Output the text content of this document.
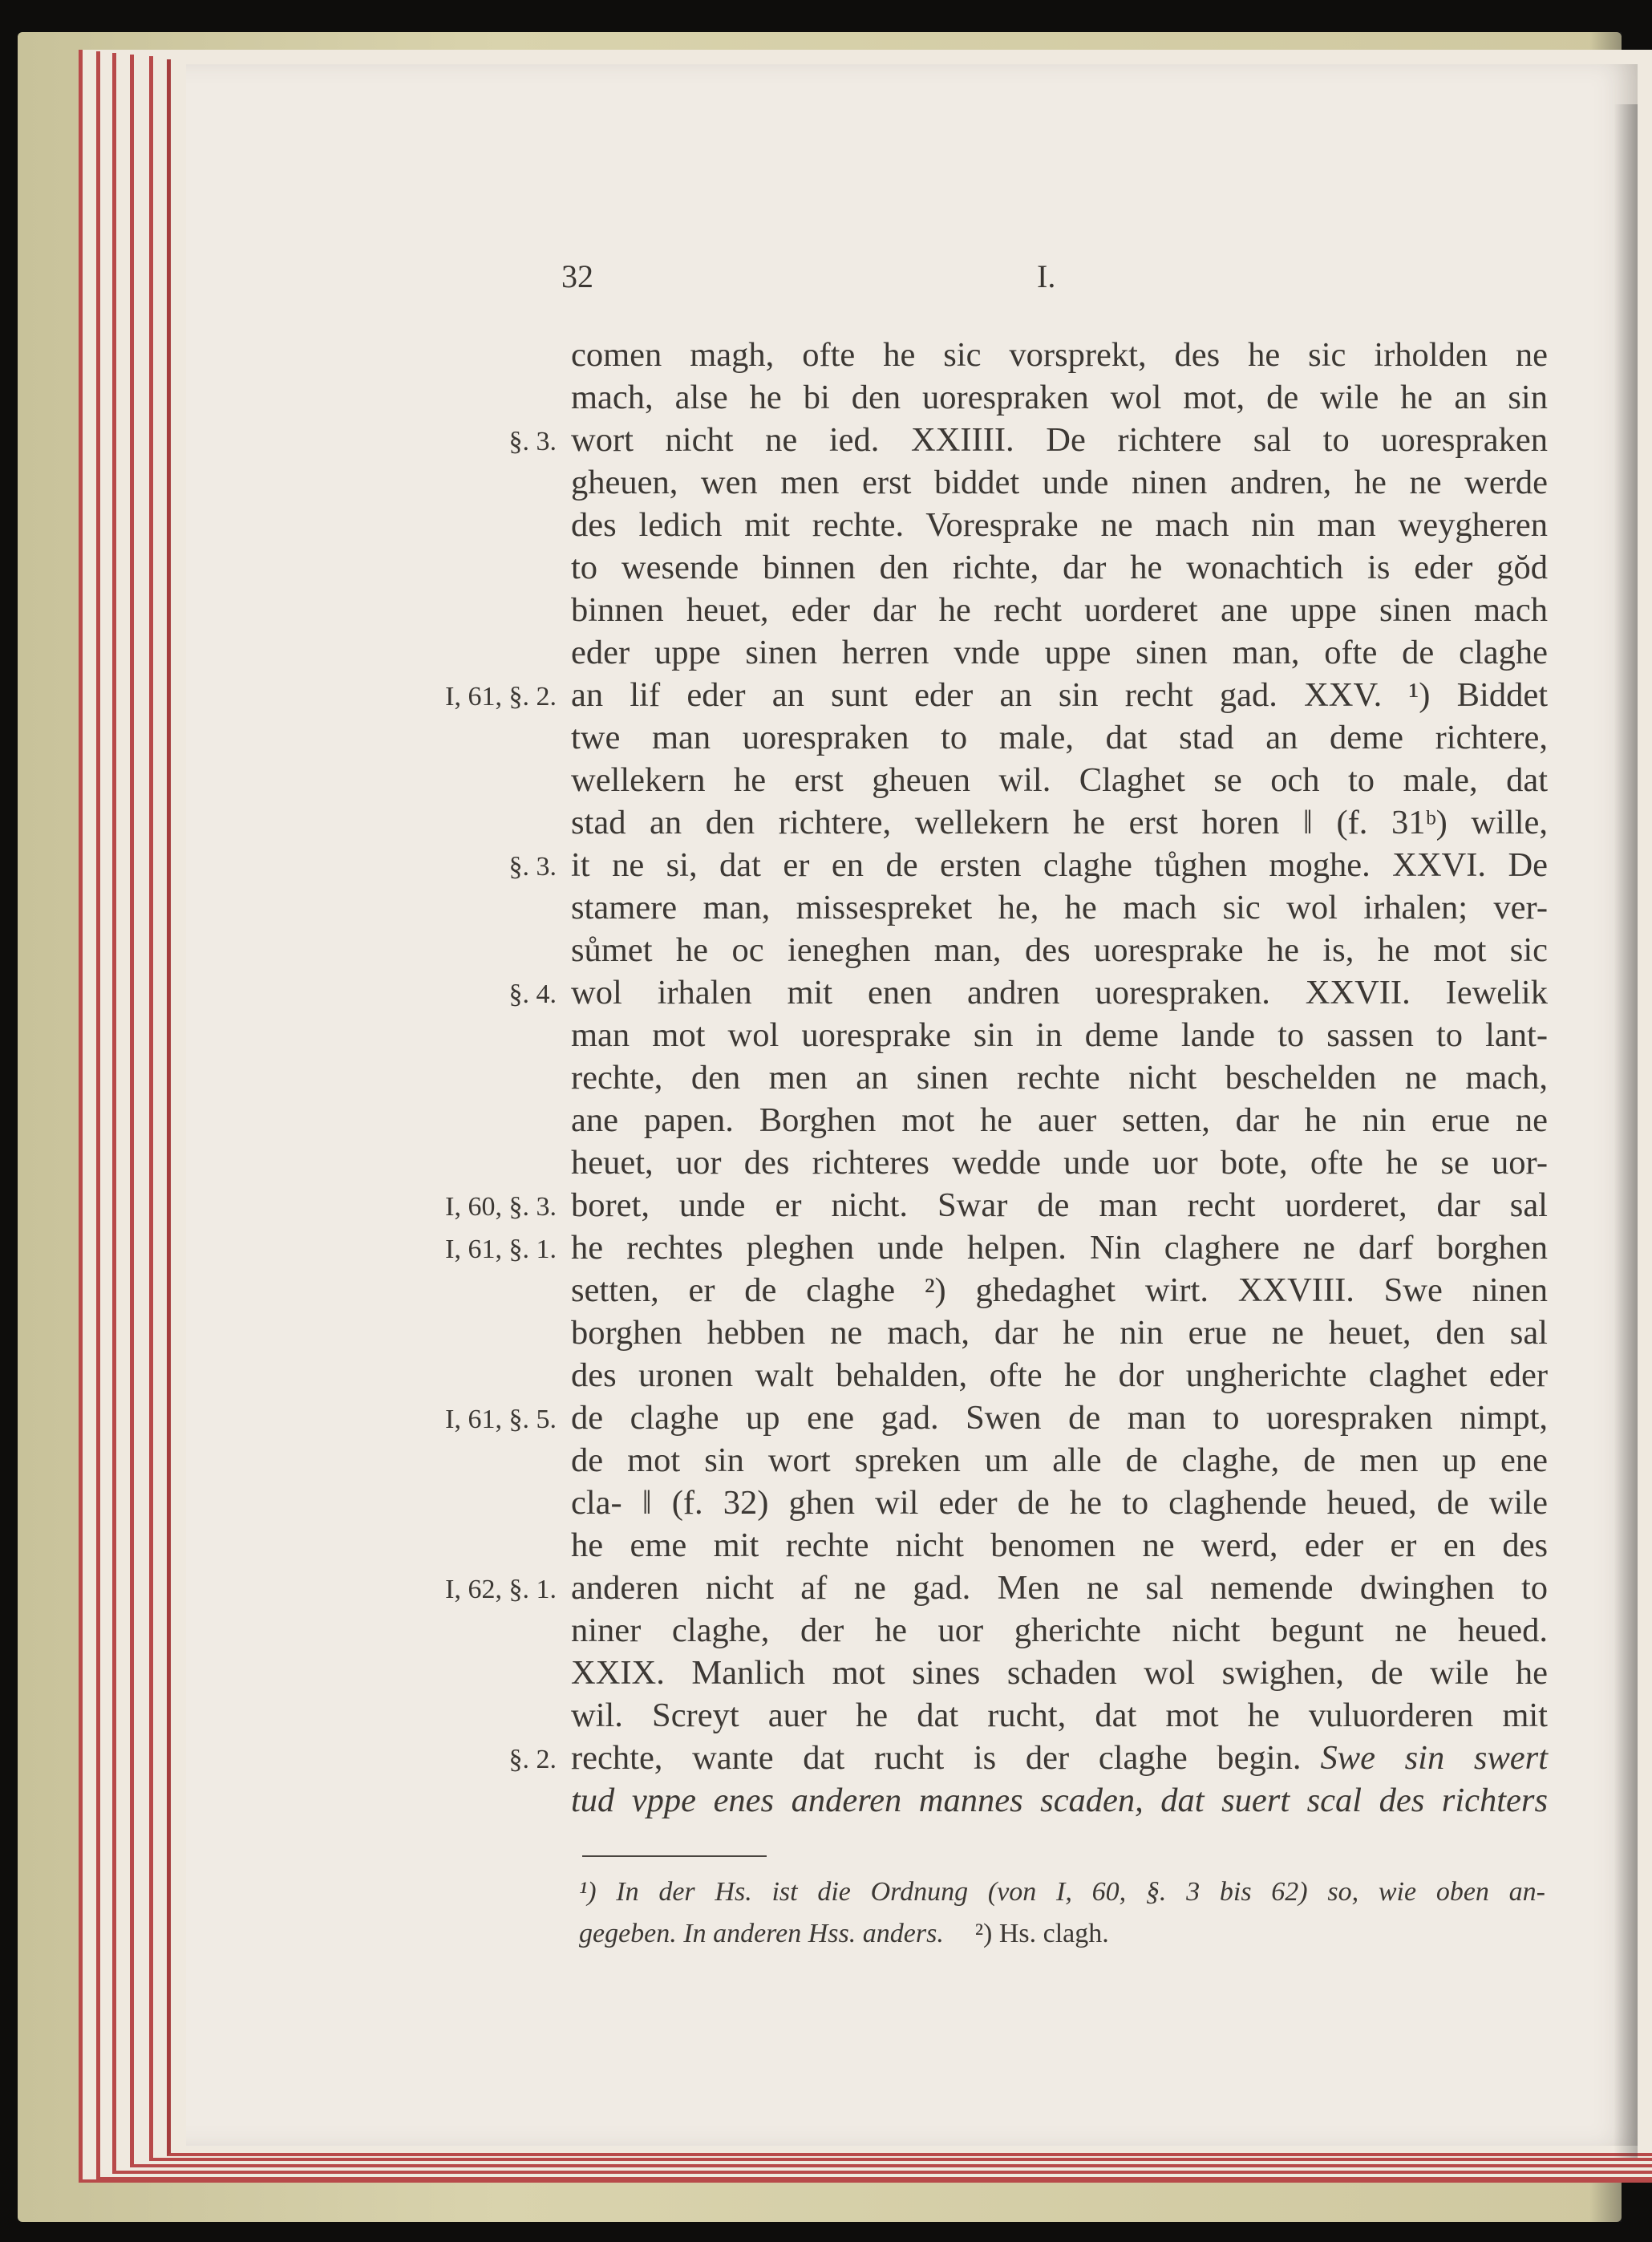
32	I.
comen magh, ofte he sic vorsprekt, des he sic irholden ne
mach, alse he bi den uorespraken wol mot, de wile he an sin
wort nicht ne ied. XXIIII. De richtere sal to uorespraken
gheuen, wen men erst biddet unde ninen andren, he ne werde
des ledich mit rechte. Voresprake ne mach nin man weygheren
to wesende binnen den richte, dar he wonachtich is eder gŏd
binnen heuet, eder dar he recht uorderet ane uppe sinen mach
eder uppe sinen herren vnde uppe sinen man, ofte de claghe
an lif eder an sunt eder an sin recht gad. XXV. ¹) Biddet
twe man uorespraken to male, dat stad an deme richtere,
wellekern he erst gheuen wil. Claghet se och to male, dat
stad an den richtere, wellekern he erst horen ‖ (f. 31ᵇ) wille,
it ne si, dat er en de ersten claghe tůghen moghe. XXVI. De
stamere man, missespreket he, he mach sic wol irhalen; ver-
sůmet he oc ieneghen man, des uoresprake he is, he mot sic
wol irhalen mit enen andren uorespraken. XXVII. Iewelik
man mot wol uoresprake sin in deme lande to sassen to lant-
rechte, den men an sinen rechte nicht beschelden ne mach,
ane papen. Borghen mot he auer setten, dar he nin erue ne
heuet, uor des richteres wedde unde uor bote, ofte he se uor-
boret, unde er nicht. Swar de man recht uorderet, dar sal
he rechtes pleghen unde helpen. Nin claghere ne darf borghen
setten, er de claghe ²) ghedaghet wirt. XXVIII. Swe ninen
borghen hebben ne mach, dar he nin erue ne heuet, den sal
des uronen walt behalden, ofte he dor ungherichte claghet eder
de claghe up ene gad. Swen de man to uorespraken nimpt,
de mot sin wort spreken um alle de claghe, de men up ene
cla- ‖ (f. 32) ghen wil eder de he to claghende heued, de wile
he eme mit rechte nicht benomen ne werd, eder er en des
anderen nicht af ne gad. Men ne sal nemende dwinghen to
niner claghe, der he uor gherichte nicht begunt ne heued.
XXIX. Manlich mot sines schaden wol swighen, de wile he
wil. Screyt auer he dat rucht, dat mot he vuluorderen mit
rechte, wante dat rucht is der claghe begin. Swe sin swert
tud vppe enes anderen mannes scaden, dat suert scal des richters
§. 3.
I, 61, §. 2.
§. 3.
§. 4.
I, 60, §. 3.
I, 61, §. 1.
I, 61, §. 5.
I, 62, §. 1.
§. 2.
¹) In der Hs. ist die Ordnung (von I, 60, §. 3 bis 62) so, wie oben an-
gegeben. In anderen Hss. anders. ²) Hs. clagh.
